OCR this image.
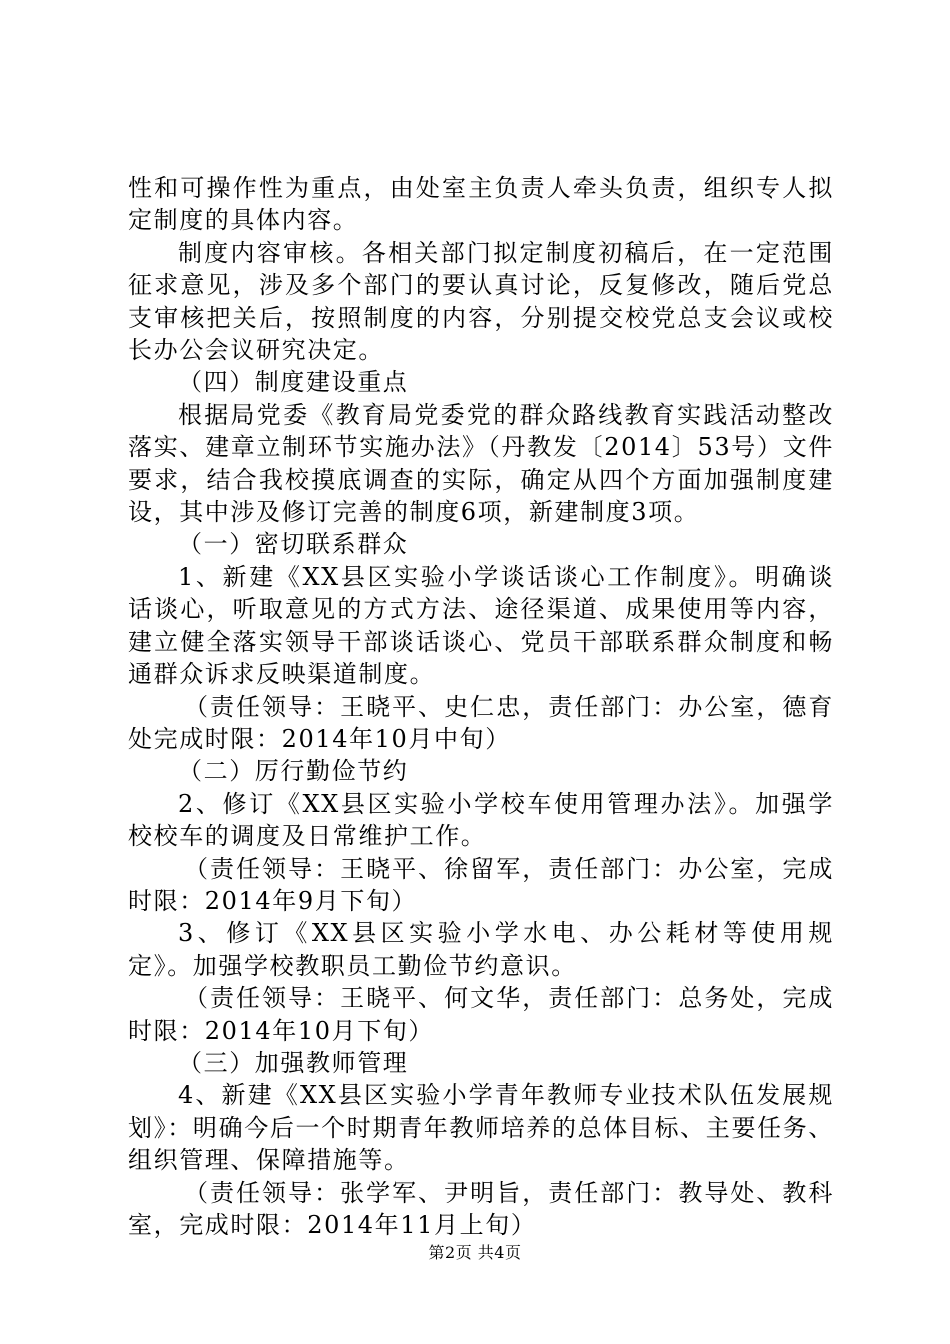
性和可操作性为重点，由处室主负责人牵头负责，组织专人拟定制度的具体内容。

制度内容审核。各相关部门拟定制度初稿后，在一定范围征求意见，涉及多个部门的要认真讨论，反复修改，随后党总支审核把关后，按照制度的内容，分别提交校党总支会议或校长办公会议研究决定。

（四）制度建设重点

根据局党委《教育局党委党的群众路线教育实践活动整改落实、建章立制环节实施办法》（丹教发〔2014〕53号）文件要求，结合我校摸底调查的实际，确定从四个方面加强制度建设，其中涉及修订完善的制度6项，新建制度3项。

（一）密切联系群众

1、新建《XX县区实验小学谈话谈心工作制度》。明确谈话谈心，听取意见的方式方法、途径渠道、成果使用等内容，建立健全落实领导干部谈话谈心、党员干部联系群众制度和畅通群众诉求反映渠道制度。

（责任领导：王晓平、史仁忠，责任部门：办公室，德育处完成时限：2014年10月中旬）

（二）厉行勤俭节约

2、修订《XX县区实验小学校车使用管理办法》。加强学校校车的调度及日常维护工作。

（责任领导：王晓平、徐留军，责任部门：办公室，完成时限：2014年9月下旬）

3、修订《XX县区实验小学水电、办公耗材等使用规定》。加强学校教职员工勤俭节约意识。

（责任领导：王晓平、何文华，责任部门：总务处，完成时限：2014年10月下旬）

（三）加强教师管理

4、新建《XX县区实验小学青年教师专业技术队伍发展规划》：明确今后一个时期青年教师培养的总体目标、主要任务、组织管理、保障措施等。

（责任领导：张学军、尹明旨，责任部门：教导处、教科室，完成时限：2014年11月上旬）

第2页 共4页
